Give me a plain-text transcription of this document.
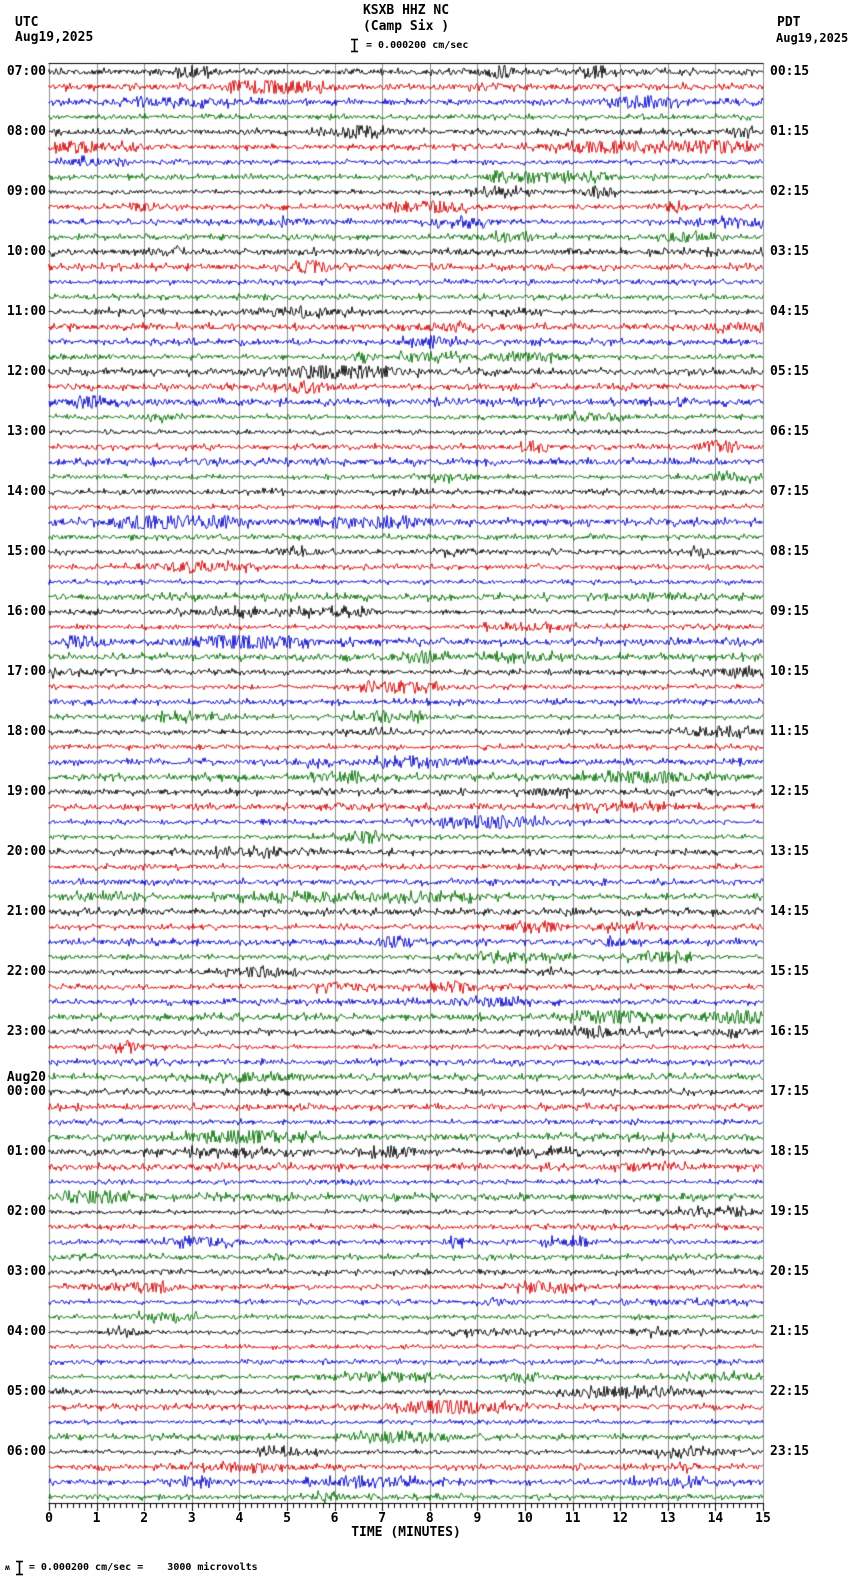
UTC
Aug19,2025
PDT
Aug19,2025
KSXB HHZ NC
(Camp Six )
= 0.000200 cm/sec
Aug20
07:00
08:00
09:00
10:00
11:00
12:00
13:00
14:00
15:00
16:00
17:00
18:00
19:00
20:00
21:00
22:00
23:00
00:00
01:00
02:00
03:00
04:00
05:00
06:00
00:15
01:15
02:15
03:15
04:15
05:15
06:15
07:15
08:15
09:15
10:15
11:15
12:15
13:15
14:15
15:15
16:15
17:15
18:15
19:15
20:15
21:15
22:15
23:15
0	1	2	3	4	5	6	7	8	9	10	11	12	13	14	15
TIME (MINUTES)
ʍ = 0.000200 cm/sec =    3000 microvolts
